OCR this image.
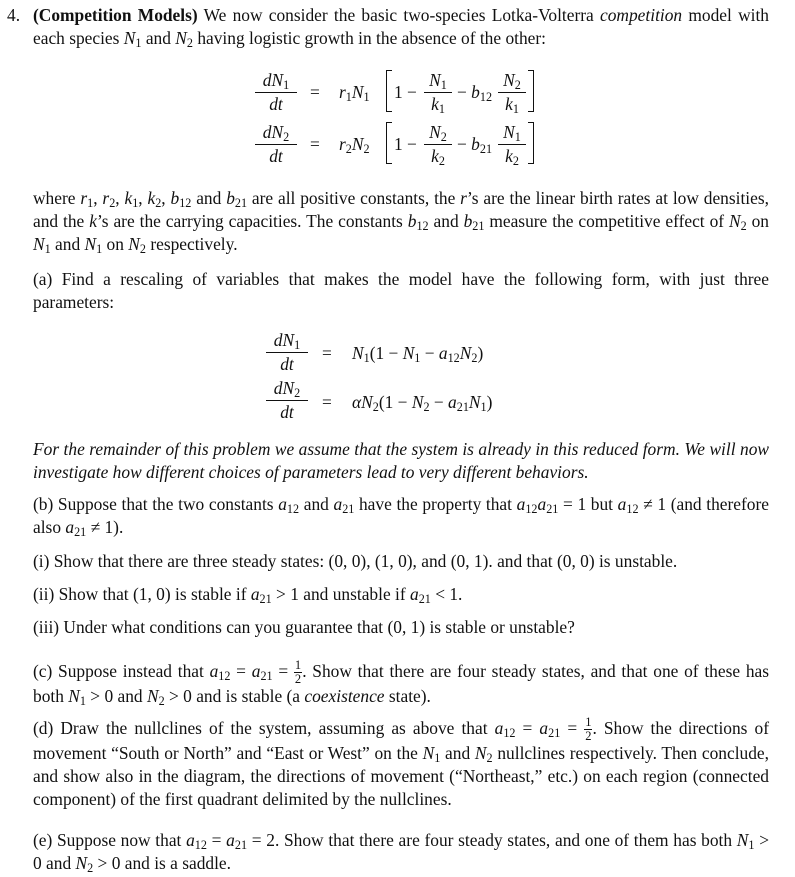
4. (Competition Models) We now consider the basic two-species Lotka-Volterra competition model with each species $N_1$ and $N_2$ having logistic growth in the absence of the other:
$\frac{dN_1}{dt} = r_1N_1$ $1 - \frac{N_1}{k_1} - b_{12} \frac{N_2}{k_1}$
$\frac{dN_2}{dt} = r_2N_2$ $1 - \frac{N_2}{k_2} - b_{21} \frac{N_1}{k_2}$
where $r_1$, $r_2$, $k_1$, $k_2$, $b_{12}$ and $b_{21}$ are all positive constants, the r’s are the linear birth rates at low densities, and the k’s are the carrying capacities. The constants $b_{12}$ and $b_{21}$ measure the competitive effect of $N_2$ on $N_1$ and $N_1$ on $N_2$ respectively.
(a) Find a rescaling of variables that makes the model have the following form, with just three parameters:
$\frac{dN_1}{dt} = N_1(1 - N_1 - a_{12}N_2)$
$\frac{dN_2}{dt} = \alpha N_2(1 - N_2 - a_{21}N_1)$
For the remainder of this problem we assume that the system is already in this reduced form. We will now investigate how different choices of parameters lead to very different behaviors.
(b) Suppose that the two constants $a_{12}$ and $a_{21}$ have the property that $a_{12}a_{21} = 1$ but $a_{12} \ne 1$ (and therefore also $a_{21} \ne 1$).
(i) Show that there are three steady states: (0, 0), (1, 0), and (0, 1). and that (0, 0) is unstable.
(ii) Show that (1, 0) is stable if $a_{21} > 1$ and unstable if $a_{21} < 1$.
(iii) Under what conditions can you guarantee that (0, 1) is stable or unstable?
(c) Suppose instead that $a_{12} = a_{21} = \frac{1}{2}$ . Show that there are four steady states, and that one of these has both $N_1 > 0$ and $N_2 > 0$ and is stable (a coexistence state).
(d) Draw the nullclines of the system, assuming as above that $a_{12} = a_{21} = \frac{1}{2}$ . Show the directions of movement “South or North” and “East or West” on the $N_1$ and $N_2$ nullclines respectively. Then conclude, and show also in the diagram, the directions of movement (“Northeast,” etc.) on each region (connected component) of the first quadrant delimited by the nullclines.
(e) Suppose now that $a_{12} = a_{21} = 2$. Show that there are four steady states, and one of them has both $N_1 > 0$ and $N_2 > 0$ and is a saddle.
